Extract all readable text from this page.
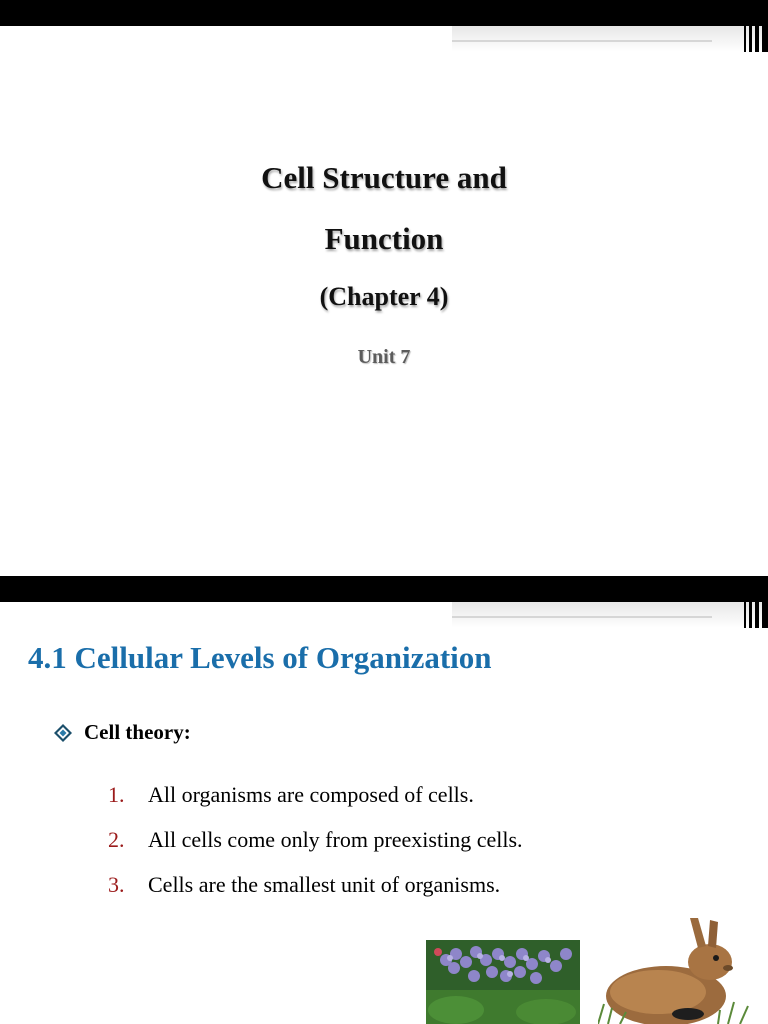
Cell Structure and
Function
(Chapter 4)
Unit 7
4.1 Cellular Levels of Organization
Cell theory:
1.	All organisms are composed of cells.
2.	All cells come only from preexisting cells.
3.	Cells are the smallest unit of organisms.
